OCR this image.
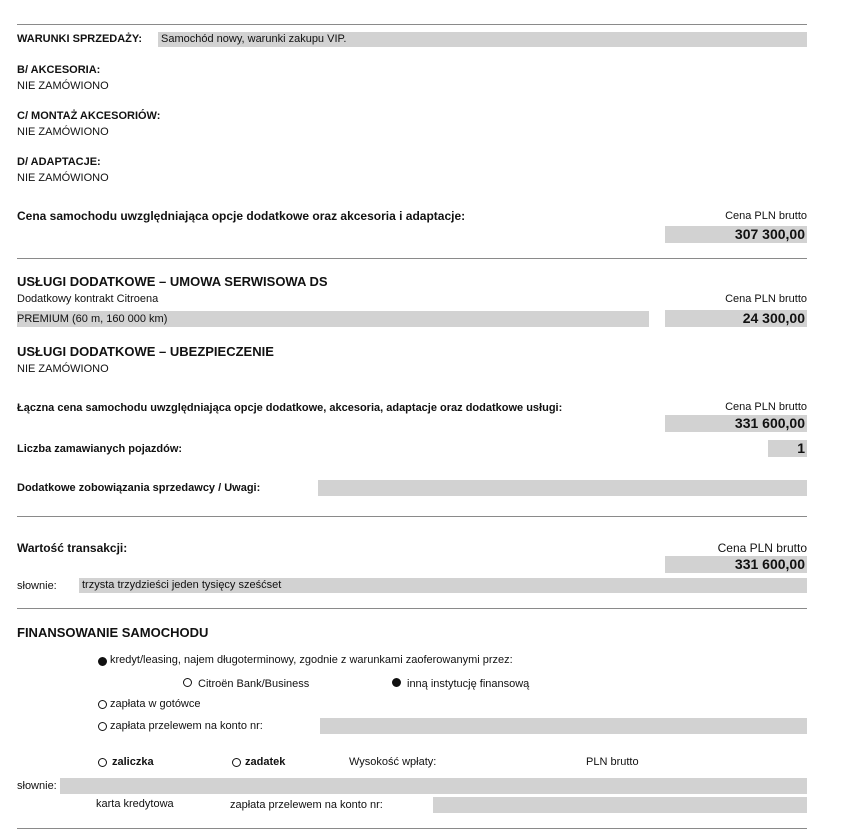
WARUNKI SPRZEDAŻY: Samochód nowy, warunki zakupu VIP.
B/ AKCESORIA:
NIE ZAMÓWIONO
C/ MONTAŻ AKCESORIÓW:
NIE ZAMÓWIONO
D/ ADAPTACJE:
NIE ZAMÓWIONO
Cena samochodu uwzględniająca opcje dodatkowe oraz akcesoria i adaptacje:	Cena PLN brutto
307 300,00
USŁUGI DODATKOWE – UMOWA SERWISOWA DS
Dodatkowy kontrakt Citroena	Cena PLN brutto
PREMIUM (60 m, 160 000 km)	24 300,00
USŁUGI DODATKOWE – UBEZPIECZENIE
NIE ZAMÓWIONO
Łączna cena samochodu uwzględniająca opcje dodatkowe, akcesoria, adaptacje oraz dodatkowe usługi:	Cena PLN brutto
331 600,00
Liczba zamawianych pojazdów:	1
Dodatkowe zobowiązania sprzedawcy / Uwagi:
Wartość transakcji:	Cena PLN brutto
331 600,00
słownie: trzysta trzydzieści jeden tysięcy sześćset
FINANSOWANIE SAMOCHODU
kredyt/leasing, najem długoterminowy, zgodnie z warunkami zaoferowanymi przez:
Citroën Bank/Business	inną instytucję finansową
zapłata w gotówce
zapłata przelewem na konto nr:
zaliczka	zadatek	Wysokość wpłaty:	PLN brutto
słownie:
karta kredytowa	zapłata przelewem na konto nr:
